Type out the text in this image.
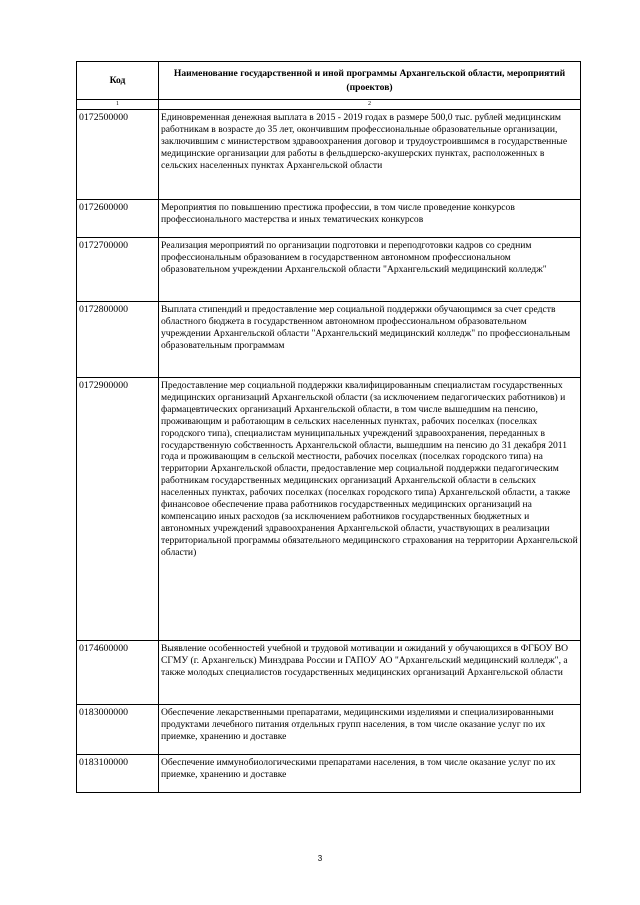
Код	Наименование государственной и иной программы Архангельской области, мероприятий (проектов)
1	2
0172500000	Единовременная денежная выплата в 2015 - 2019 годах в размере 500,0 тыс. рублей медицинским работникам в возрасте до 35 лет, окончившим профессиональные образовательные организации, заключившим с министерством здравоохранения договор и трудоустроившимся в государственные медицинские организации для работы в фельдшерско-акушерских пунктах, расположенных в сельских населенных пунктах Архангельской области
0172600000	Мероприятия по повышению престижа профессии, в том числе проведение конкурсов профессионального мастерства и иных тематических конкурсов
0172700000	Реализация мероприятий по организации подготовки и переподготовки кадров со средним профессиональным образованием в государственном автономном профессиональном образовательном учреждении Архангельской области "Архангельский медицинский колледж"
0172800000	Выплата стипендий и предоставление мер социальной поддержки обучающимся за счет средств областного бюджета в государственном автономном профессиональном образовательном учреждении Архангельской области "Архангельский медицинский колледж" по профессиональным образовательным программам
0172900000	Предоставление мер социальной поддержки квалифицированным специалистам государственных медицинских организаций Архангельской области (за исключением педагогических работников) и фармацевтических организаций Архангельской области, в том числе вышедшим на пенсию, проживающим и работающим в сельских населенных пунктах, рабочих поселках (поселках городского типа), специалистам муниципальных учреждений здравоохранения, переданных в государственную собственность Архангельской области, вышедшим на пенсию до 31 декабря 2011 года и проживающим в сельской местности, рабочих поселках (поселках городского типа) на территории Архангельской области, предоставление мер социальной поддержки педагогическим работникам государственных медицинских организаций Архангельской области в сельских населенных пунктах, рабочих поселках (поселках городского типа) Архангельской области, а также финансовое обеспечение права работников государственных медицинских организаций на компенсацию иных расходов (за исключением работников государственных бюджетных и автономных учреждений здравоохранения Архангельской области, участвующих в реализации территориальной программы обязательного медицинского страхования на территории Архангельской области)
0174600000	Выявление особенностей учебной и трудовой мотивации и ожиданий у обучающихся в ФГБОУ ВО СГМУ (г. Архангельск) Минздрава России и ГАПОУ АО "Архангельский медицинский колледж", а также молодых специалистов государственных медицинских организаций Архангельской области
0183000000	Обеспечение лекарственными препаратами, медицинскими изделиями и специализированными продуктами лечебного питания отдельных групп населения, в том числе оказание услуг по их приемке, хранению и доставке
0183100000	Обеспечение иммунобиологическими препаратами населения, в том числе оказание услуг по их приемке, хранению и доставке
3
